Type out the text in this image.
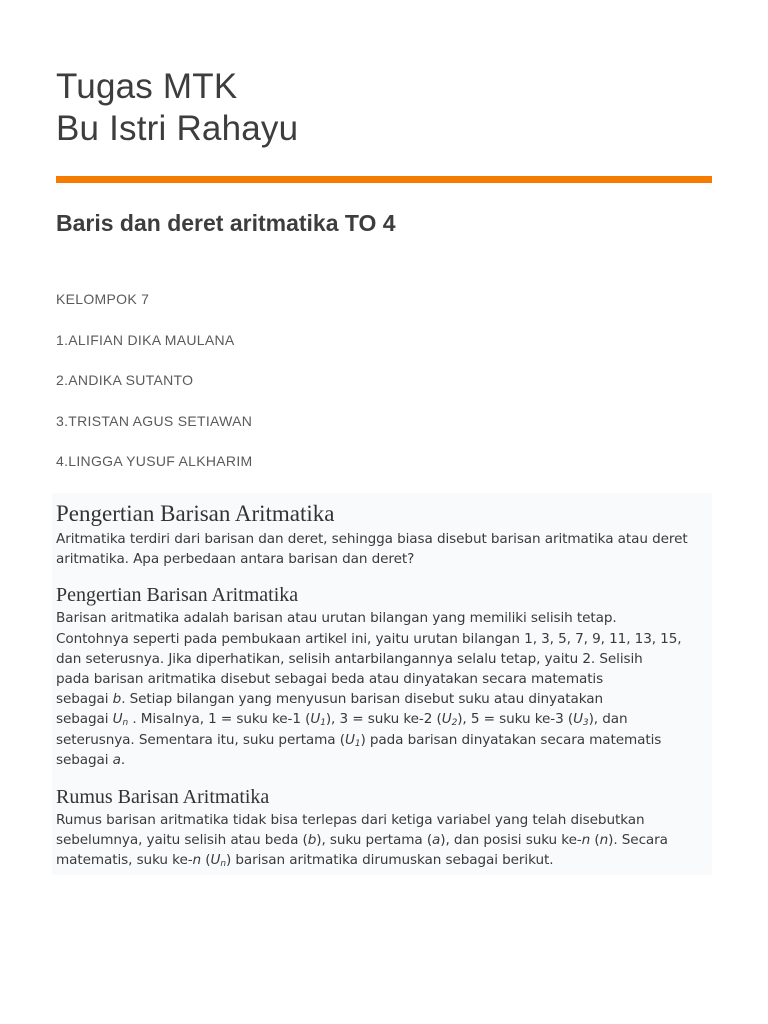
Tugas MTK
Bu Istri Rahayu
Baris dan deret aritmatika TO 4
KELOMPOK 7
1.ALIFIAN DIKA MAULANA
2.ANDIKA SUTANTO
3.TRISTAN AGUS SETIAWAN
4.LINGGA YUSUF ALKHARIM
Pengertian Barisan Aritmatika

Aritmatika terdiri dari barisan dan deret, sehingga biasa disebut barisan aritmatika atau deret aritmatika. Apa perbedaan antara barisan dan deret?

Pengertian Barisan Aritmatika

Barisan aritmatika adalah barisan atau urutan bilangan yang memiliki selisih tetap.

Contohnya seperti pada pembukaan artikel ini, yaitu urutan bilangan 1, 3, 5, 7, 9, 11, 13, 15,

dan seterusnya. Jika diperhatikan, selisih antarbilangannya selalu tetap, yaitu 2. Selisih

pada barisan aritmatika disebut sebagai beda atau dinyatakan secara matematis

sebagai b. Setiap bilangan yang menyusun barisan disebut suku atau dinyatakan

sebagai $U_n$ . Misalnya, 1 = suku ke-1 $(U_1)$, 3 = suku ke-2 $(U_2)$, 5 = suku ke-3 $(U_3)$, dan

seterusnya. Sementara itu, suku pertama $(U_1)$ pada barisan dinyatakan secara matematis

sebagai a.

Rumus Barisan Aritmatika

Rumus barisan aritmatika tidak bisa terlepas dari ketiga variabel yang telah disebutkan

sebelumnya, yaitu selisih atau beda (b), suku pertama (a), dan posisi suku ke-n (n). Secara

matematis, suku ke-n $(U_n)$ barisan aritmatika dirumuskan sebagai berikut.
